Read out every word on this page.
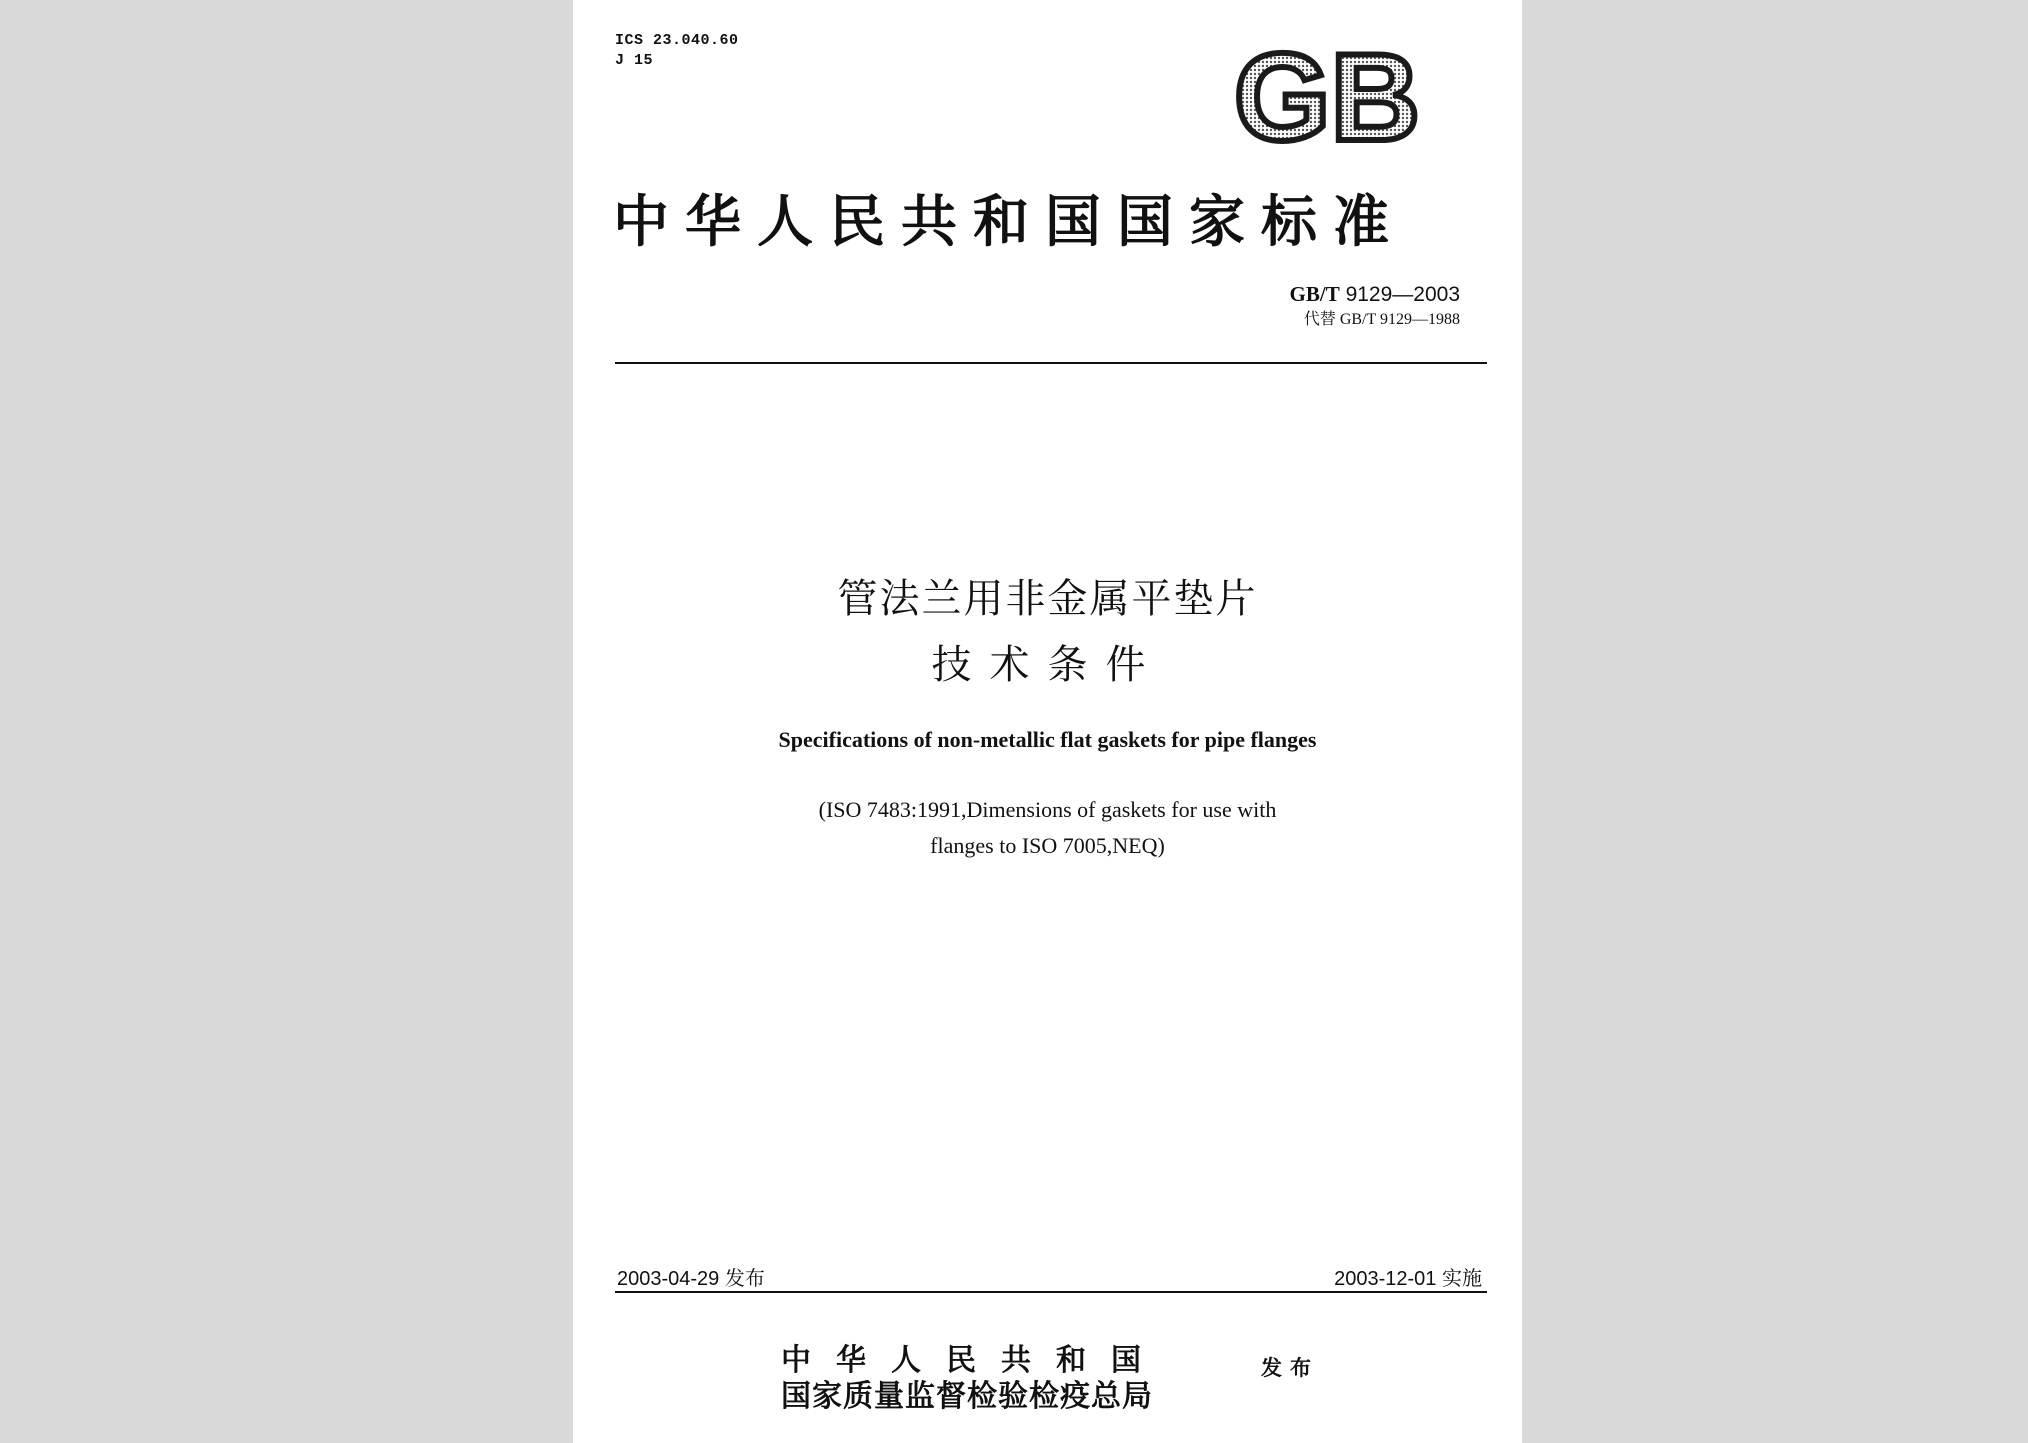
ICS 23.040.60
J 15	GB
中华人民共和国国家标准
GB/T 9129—2003
代替 GB/T 9129—1988
管法兰用非金属平垫片
技术条件
Specifications of non-metallic flat gaskets for pipe flanges
(ISO 7483:1991,Dimensions of gaskets for use with
flanges to ISO 7005,NEQ)
2003-04-29 发布	2003-12-01 实施
中华人民共和国
国家质量监督检验检疫总局
发布
